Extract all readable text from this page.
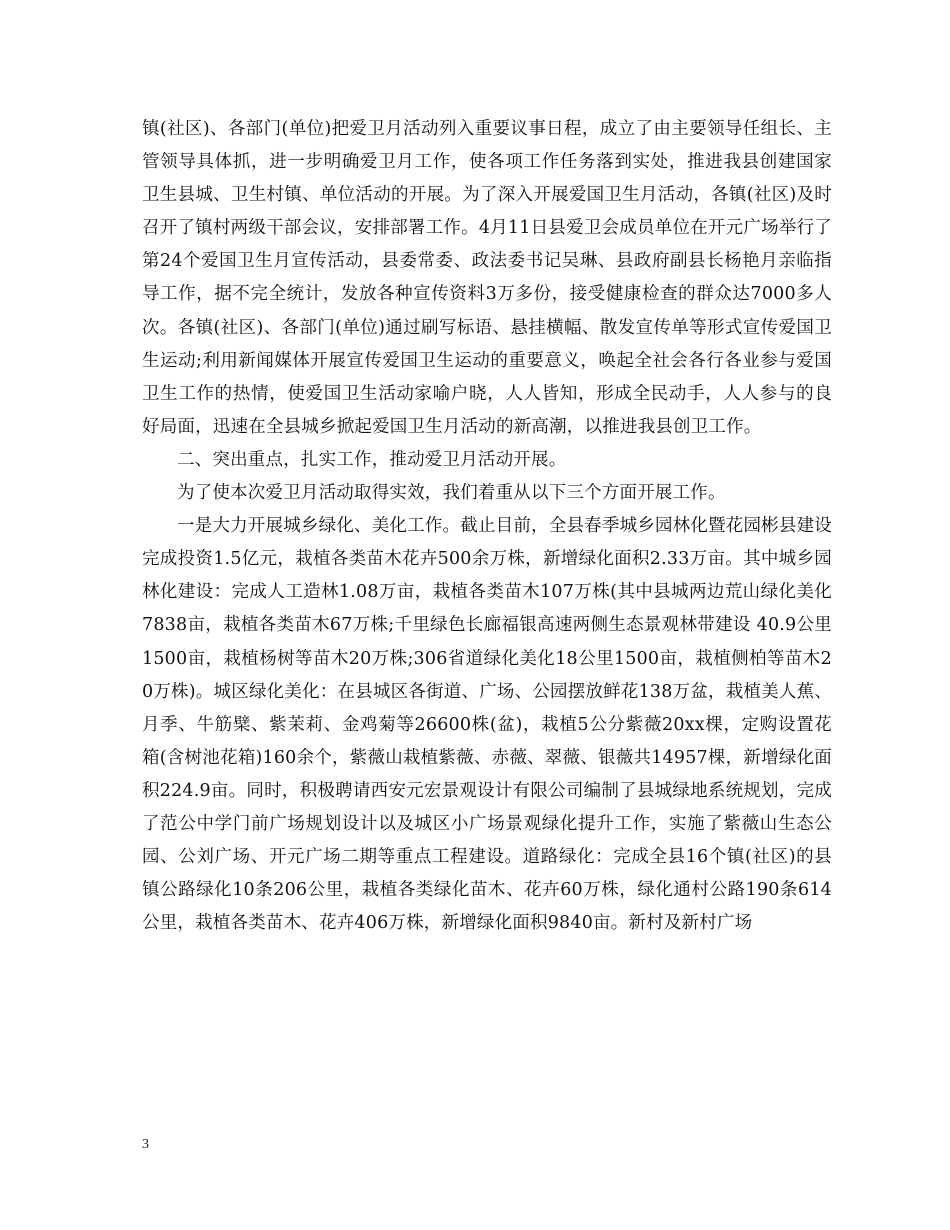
镇(社区)、各部门(单位)把爱卫月活动列入重要议事日程，成立了由主要领导任组长、主管领导具体抓，进一步明确爱卫月工作，使各项工作任务落到实处，推进我县创建国家卫生县城、卫生村镇、单位活动的开展。为了深入开展爱国卫生月活动，各镇(社区)及时召开了镇村两级干部会议，安排部署工作。4月11日县爱卫会成员单位在开元广场举行了第24个爱国卫生月宣传活动，县委常委、政法委书记吴琳、县政府副县长杨艳月亲临指导工作，据不完全统计，发放各种宣传资料3万多份，接受健康检查的群众达7000多人次。各镇(社区)、各部门(单位)通过刷写标语、悬挂横幅、散发宣传单等形式宣传爱国卫生运动;利用新闻媒体开展宣传爱国卫生运动的重要意义，唤起全社会各行各业参与爱国卫生工作的热情，使爱国卫生活动家喻户晓，人人皆知，形成全民动手，人人参与的良好局面，迅速在全县城乡掀起爱国卫生月活动的新高潮，以推进我县创卫工作。

二、突出重点，扎实工作，推动爱卫月活动开展。

为了使本次爱卫月活动取得实效，我们着重从以下三个方面开展工作。

一是大力开展城乡绿化、美化工作。截止目前，全县春季城乡园林化暨花园彬县建设完成投资1.5亿元，栽植各类苗木花卉500余万株，新增绿化面积2.33万亩。其中城乡园林化建设：完成人工造林1.08万亩，栽植各类苗木107万株(其中县城两边荒山绿化美化7838亩，栽植各类苗木67万株;千里绿色长廊福银高速两侧生态景观林带建设 40.9公里1500亩，栽植杨树等苗木20万株;306省道绿化美化18公里1500亩，栽植侧柏等苗木20万株)。城区绿化美化：在县城区各街道、广场、公园摆放鲜花138万盆，栽植美人蕉、月季、牛筋檗、紫茉莉、金鸡菊等26600株(盆)，栽植5公分紫薇20xx棵，定购设置花箱(含树池花箱)160余个，紫薇山栽植紫薇、赤薇、翠薇、银薇共14957棵，新增绿化面积224.9亩。同时，积极聘请西安元宏景观设计有限公司编制了县城绿地系统规划，完成了范公中学门前广场规划设计以及城区小广场景观绿化提升工作，实施了紫薇山生态公园、公刘广场、开元广场二期等重点工程建设。道路绿化：完成全县16个镇(社区)的县镇公路绿化10条206公里，栽植各类绿化苗木、花卉60万株，绿化通村公路190条614公里，栽植各类苗木、花卉406万株，新增绿化面积9840亩。新村及新村广场

3
